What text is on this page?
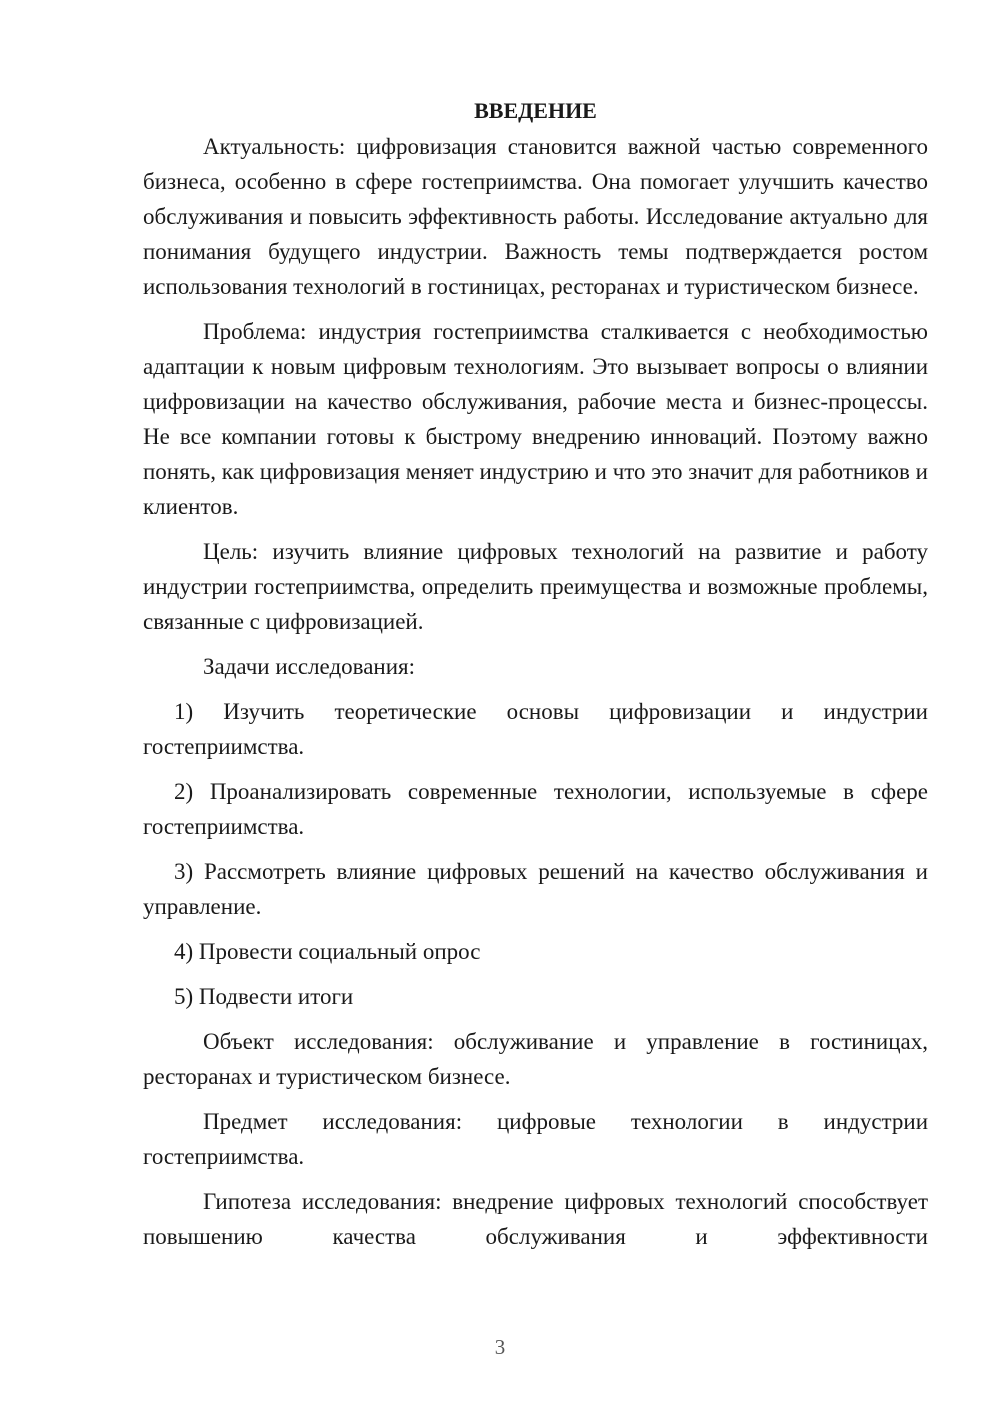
ВВЕДЕНИЕ

Актуальность: цифровизация становится важной частью современного бизнеса, особенно в сфере гостеприимства. Она помогает улучшить качество обслуживания и повысить эффективность работы. Исследование актуально для понимания будущего индустрии. Важность темы подтверждается ростом использования технологий в гостиницах, ресторанах и туристическом бизнесе.

Проблема: индустрия гостеприимства сталкивается с необходимостью адаптации к новым цифровым технологиям. Это вызывает вопросы о влиянии цифровизации на качество обслуживания, рабочие места и бизнес-процессы. Не все компании готовы к быстрому внедрению инноваций. Поэтому важно понять, как цифровизация меняет индустрию и что это значит для работников и клиентов.

Цель: изучить влияние цифровых технологий на развитие и работу индустрии гостеприимства, определить преимущества и возможные проблемы, связанные с цифровизацией.

Задачи исследования:

1) Изучить теоретические основы цифровизации и индустрии гостеприимства.

2) Проанализировать современные технологии, используемые в сфере гостеприимства.

3) Рассмотреть влияние цифровых решений на качество обслуживания и управление.

4) Провести социальный опрос

5) Подвести итоги

Объект исследования: обслуживание и управление в гостиницах, ресторанах и туристическом бизнесе.

Предмет исследования: цифровые технологии в индустрии гостеприимства.

Гипотеза исследования: внедрение цифровых технологий способствует повышению качества обслуживания и эффективности

3
